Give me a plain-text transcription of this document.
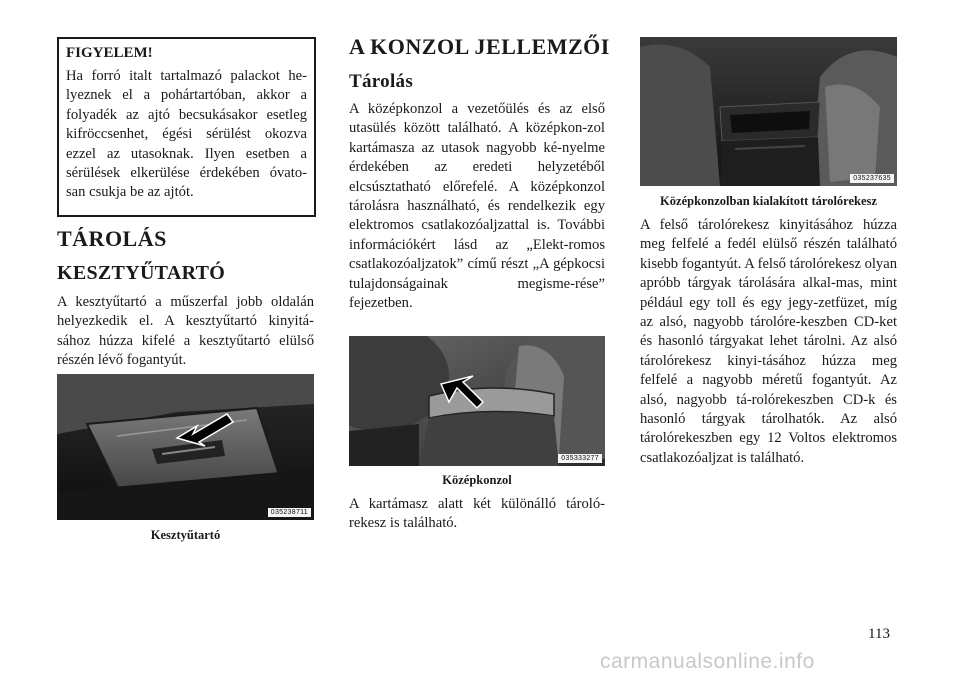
FIGYELEM!

Ha forró italt tartalmazó palackot he-lyeznek el a pohártartóban, akkor a folyadék az ajtó becsukásakor esetleg kifröccsenhet, égési sérülést okozva ezzel az utasoknak. Ilyen esetben a sérülések elkerülése érdekében óvato-san csukja be az ajtót.

TÁROLÁS
KESZTYŰTARTÓ

A kesztyűtartó a műszerfal jobb oldalán helyezkedik el. A kesztyűtartó kinyitá-sához húzza kifelé a kesztyűtartó elülső részén lévő fogantyút.

035238711
Kesztyűtartó
A KONZOL JELLEMZŐI
Tárolás

A középkonzol a vezetőülés és az első utasülés között található. A középkon-zol kartámasza az utasok nagyobb ké-nyelme érdekében az eredeti helyzetéből elcsúsztatható előrefelé. A középkonzol tárolásra használható, és rendelkezik egy elektromos csatlakozóaljzattal is. További információkért lásd az „Elekt-romos csatlakozóaljzatok” című részt „A gépkocsi tulajdonságainak megisme-rése” fejezetben.

035333277
Középkonzol

A kartámasz alatt két különálló tároló-rekesz is található.

035237635
Középkonzolban kialakított tárolórekesz

A felső tárolórekesz kinyitásához húzza meg felfelé a fedél elülső részén található kisebb fogantyút. A felső tárolórekesz olyan apróbb tárgyak tárolására alkal-mas, mint például egy toll és egy jegy-zetfüzet, míg az alsó, nagyobb tárolóre-keszben CD-ket és hasonló tárgyakat lehet tárolni. Az alsó tárolórekesz kinyi-tásához húzza meg felfelé a nagyobb méretű fogantyút. Az alsó, nagyobb tá-rolórekeszben CD-k és hasonló tárgyak tárolhatók. Az alsó tárolórekeszben egy 12 Voltos elektromos csatlakozóaljzat is található.

113
carmanualsonline.info
